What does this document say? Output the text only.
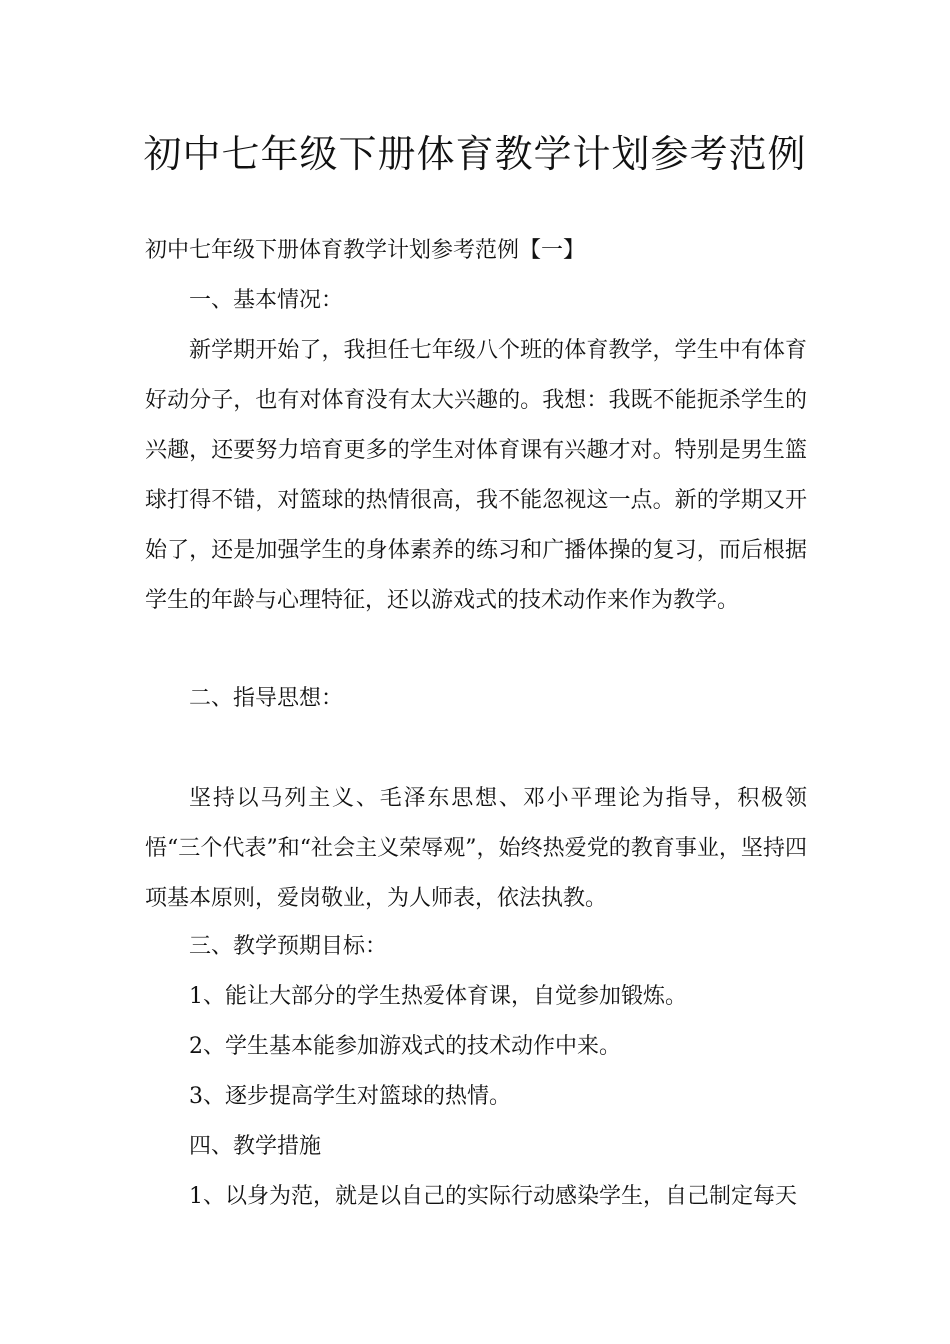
初中七年级下册体育教学计划参考范例

初中七年级下册体育教学计划参考范例【一】

一、基本情况：

新学期开始了，我担任七年级八个班的体育教学，学生中有体育好动分子，也有对体育没有太大兴趣的。我想：我既不能扼杀学生的兴趣，还要努力培育更多的学生对体育课有兴趣才对。特别是男生篮球打得不错，对篮球的热情很高，我不能忽视这一点。新的学期又开始了，还是加强学生的身体素养的练习和广播体操的复习，而后根据学生的年龄与心理特征，还以游戏式的技术动作来作为教学。

二、指导思想：

坚持以马列主义、毛泽东思想、邓小平理论为指导，积极领悟“三个代表”和“社会主义荣辱观”，始终热爱党的教育事业，坚持四项基本原则，爱岗敬业，为人师表，依法执教。

三、教学预期目标：

1、能让大部分的学生热爱体育课，自觉参加锻炼。

2、学生基本能参加游戏式的技术动作中来。

3、逐步提高学生对篮球的热情。

四、教学措施

1、以身为范，就是以自己的实际行动感染学生，自己制定每天
